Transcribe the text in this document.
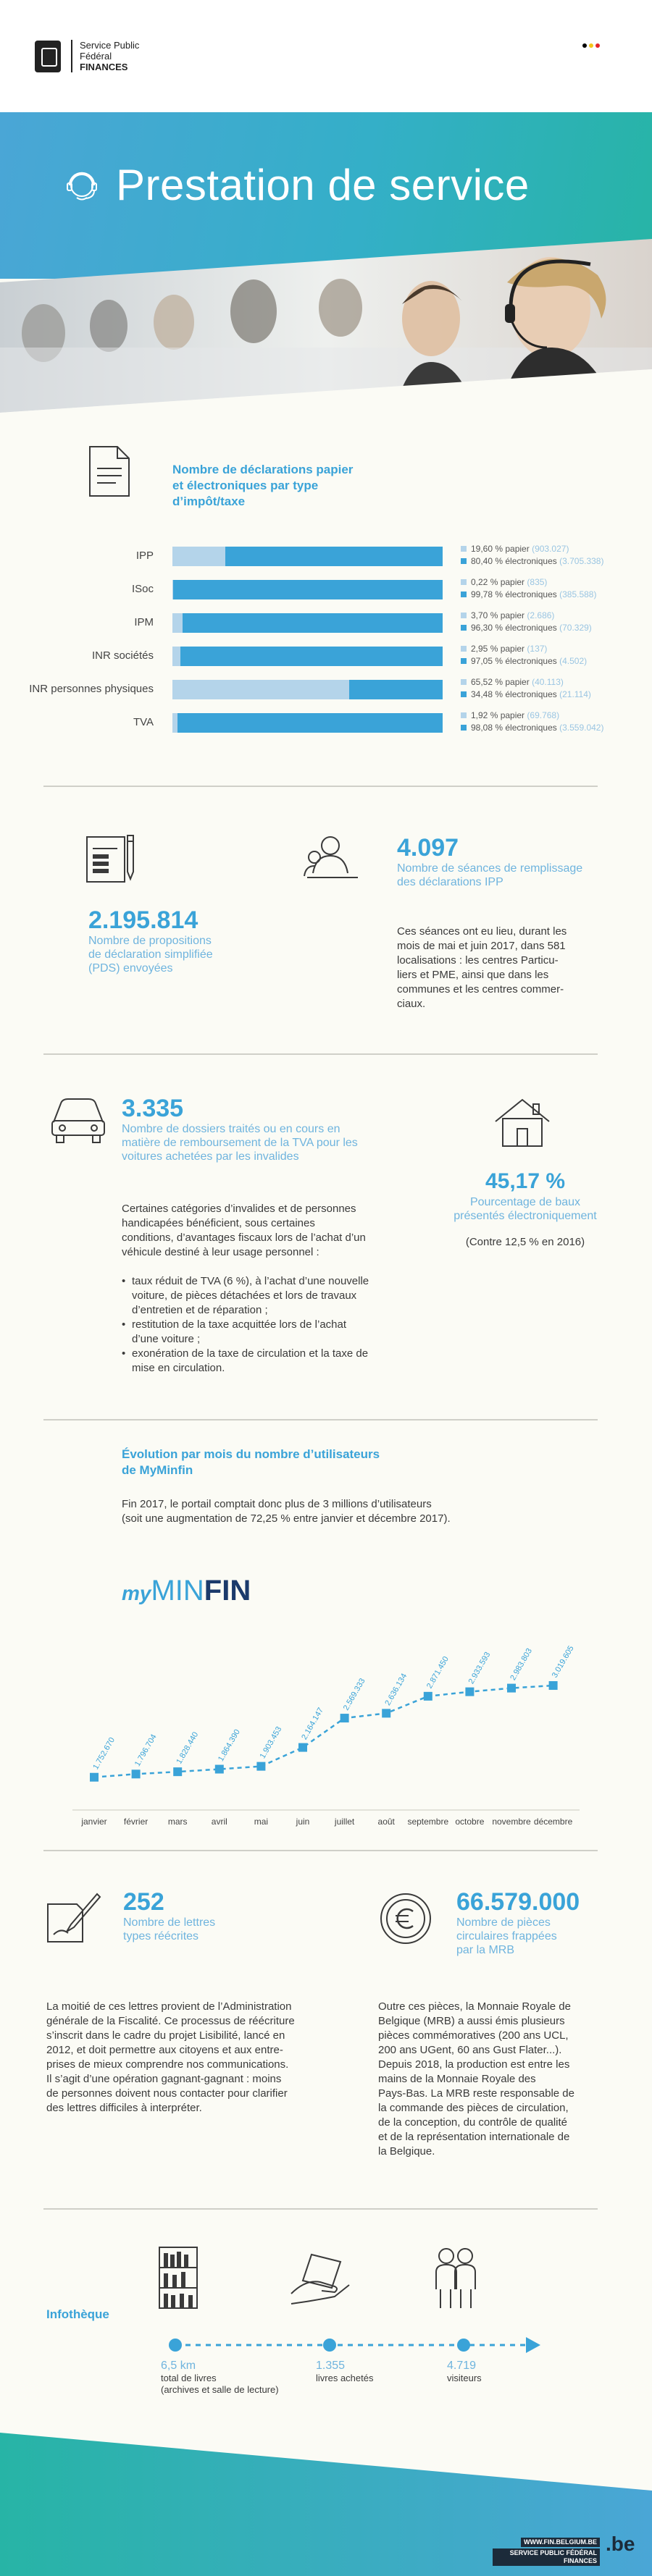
Service Public
Fédéral
FINANCES
Prestation de service
Nombre de déclarations papier
et électroniques par type
d’impôt/taxe
IPP
19,60 % papier (903.027)
80,40 % électroniques (3.705.338)
ISoc
0,22 % papier (835)
99,78 % électroniques (385.588)
IPM
3,70 % papier (2.686)
96,30 % électroniques (70.329)
INR sociétés
2,95 % papier (137)
97,05 % électroniques (4.502)
INR personnes physiques
65,52 % papier (40.113)
34,48 % électroniques (21.114)
TVA
1,92 % papier (69.768)
98,08 % électroniques (3.559.042)
2.195.814
Nombre de propositions
de déclaration simplifiée
(PDS) envoyées
4.097
Nombre de séances de remplissage
des déclarations IPP
Ces séances ont eu lieu, durant les
mois de mai et juin 2017, dans 581
localisations : les centres Particu-
liers et PME, ainsi que dans les
communes et les centres commer-
ciaux.
3.335
Nombre de dossiers traités ou en cours en
matière de remboursement de la TVA pour les
voitures achetées par les invalides
Certaines catégories d’invalides et de personnes
handicapées bénéficient, sous certaines
conditions, d’avantages fiscaux lors de l’achat d’un
véhicule destiné à leur usage personnel :
• taux réduit de TVA (6 %), à l’achat d’une nouvelle
voiture, de pièces détachées et lors de travaux
d’entretien et de réparation ;
• restitution de la taxe acquittée lors de l’achat
d’une voiture ;
• exonération de la taxe de circulation et la taxe de
mise en circulation.
45,17 %
Pourcentage de baux
présentés électroniquement
(Contre 12,5 % en 2016)
Évolution par mois du nombre d’utilisateurs
de MyMinfin
Fin 2017, le portail comptait donc plus de 3 millions d’utilisateurs
(soit une augmentation de 72,25 % entre janvier et décembre 2017).
myMINFIN
1.752.670
janvier
1.796.704
février
1.828.440
mars
1.864.390
avril
1.903.453
mai
2.164.147
juin
2.569.333
juillet
2.636.134
août
2.871.450
septembre
2.933.593
octobre
2.983.803
novembre
3.019.605
décembre
252
Nombre de lettres
types réécrites
La moitié de ces lettres provient de l’Administration
générale de la Fiscalité. Ce processus de réécriture
s’inscrit dans le cadre du projet Lisibilité, lancé en
2012, et doit permettre aux citoyens et aux entre-
prises de mieux comprendre nos communications.
Il s’agit d’une opération gagnant-gagnant : moins
de personnes doivent nous contacter pour clarifier
des lettres difficiles à interpréter.
66.579.000
Nombre de pièces
circulaires frappées
par la MRB
Outre ces pièces, la Monnaie Royale de
Belgique (MRB) a aussi émis plusieurs
pièces commémoratives (200 ans UCL,
200 ans UGent, 60 ans Gust Flater...).
Depuis 2018, la production est entre les
mains de la Monnaie Royale des
Pays-Bas. La MRB reste responsable de
la commande des pièces de circulation,
de la conception, du contrôle de qualité
et de la représentation internationale de
la Belgique.
Infothèque
6,5 km
total de livres
(archives et salle de lecture)
1.355
livres achetés
4.719
visiteurs
WWW.FIN.BELGIUM.BE SERVICE PUBLIC FÉDÉRAL FINANCES
.be
